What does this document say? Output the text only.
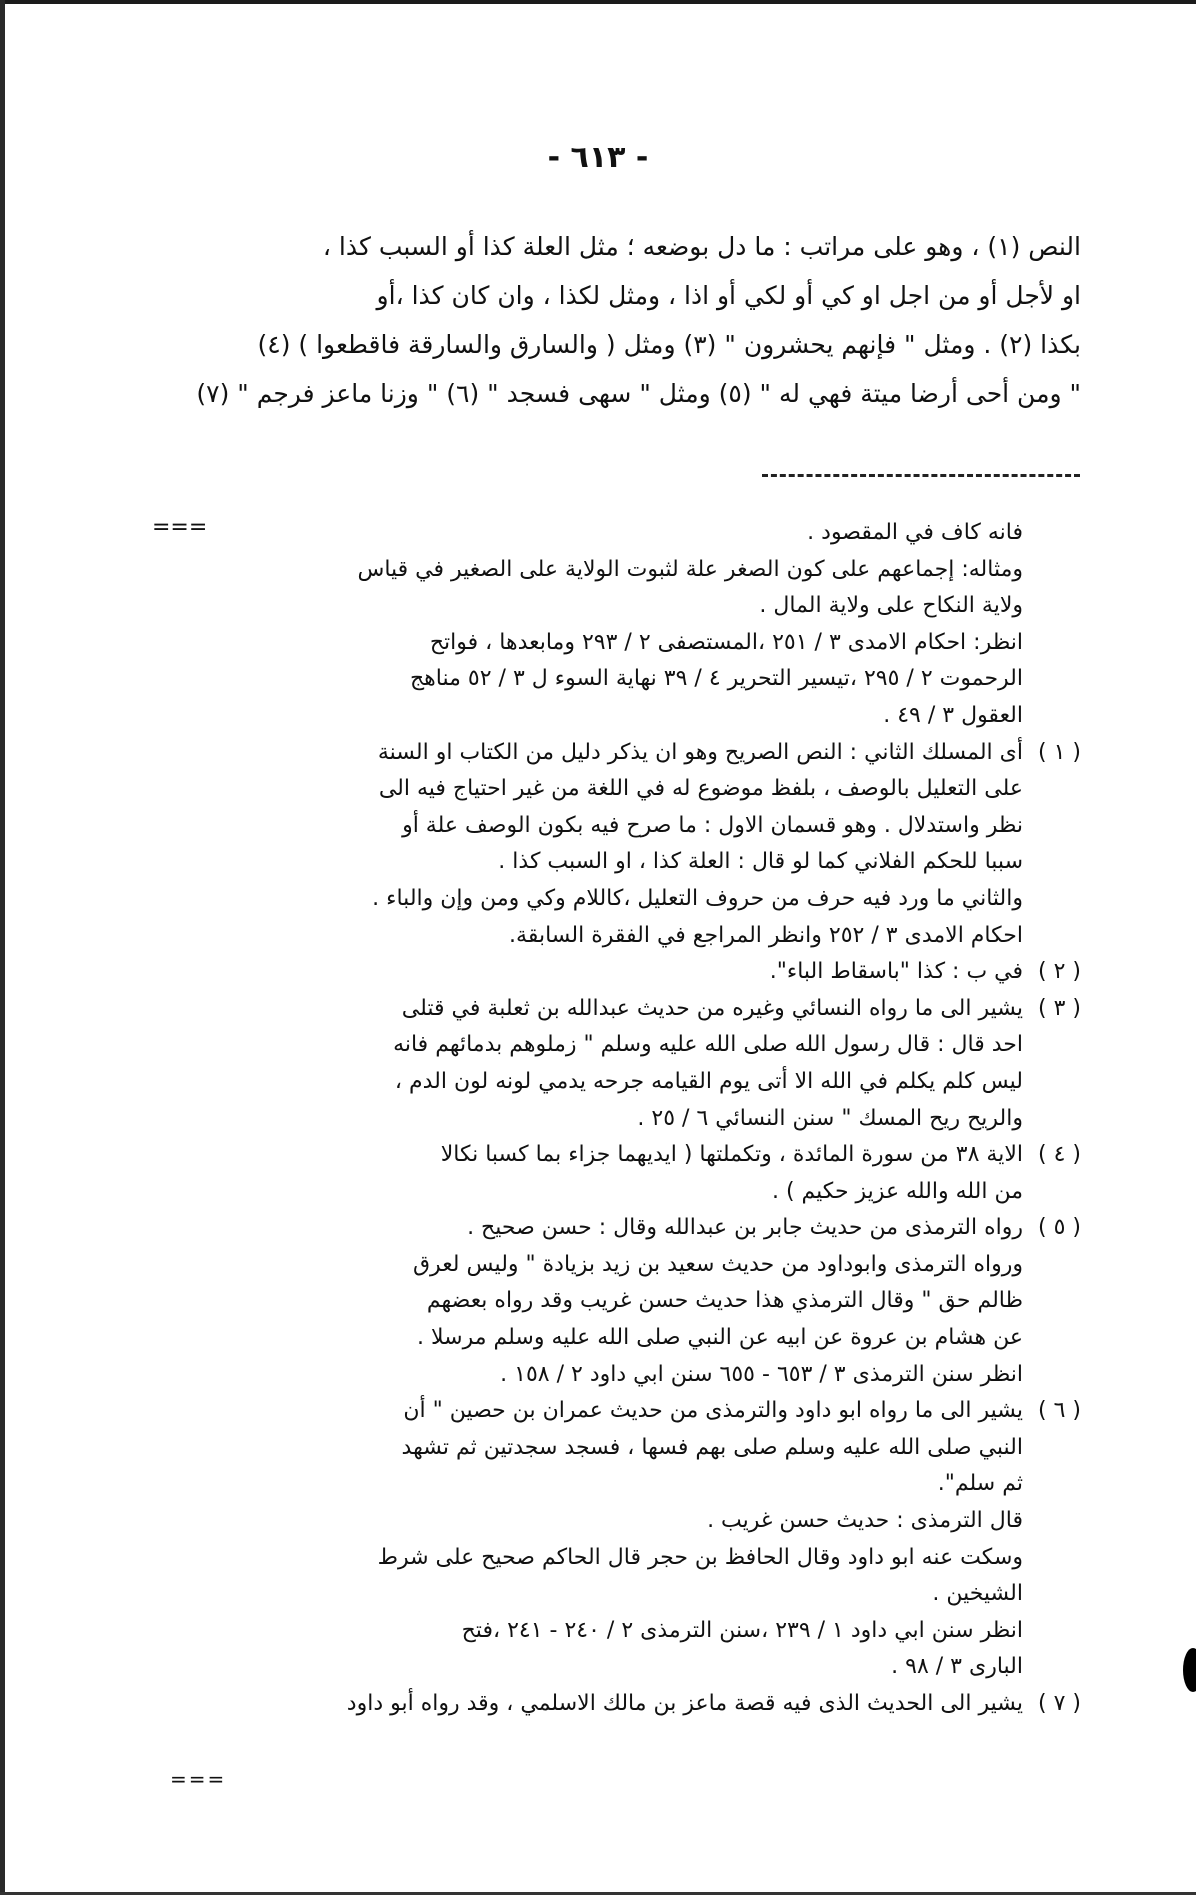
- ٦١٣ -

النص (١) ، وهو على مراتب : ما دل بوضعه ؛ مثل العلة كذا أو السبب كذا ،

او لأجل أو من اجل او كي أو لكي أو اذا ، ومثل لكذا ، وان كان كذا ،أو

بكذا (٢) . ومثل " فإنهم يحشرون " (٣) ومثل ( والسارق والسارقة فاقطعوا ) (٤)

" ومن أحى أرضا ميتة فهي له " (٥) ومثل " سهى فسجد " (٦) " وزنا ماعز فرجم " (٧)

فانه كاف في المقصود .

ومثاله: إجماعهم على كون الصغر علة لثبوت الولاية على الصغير في قياس

ولاية النكاح على ولاية المال .

انظر: احكام الامدى ٣ / ٢٥١ ،المستصفى ٢ / ٢٩٣ ومابعدها ، فواتح

الرحموت ٢ / ٢٩٥ ،تيسير التحرير ٤ / ٣٩ نهاية السوء ل ٣ / ٥٢ مناهج

العقول ٣ / ٤٩ .

( ١ )

أى المسلك الثاني : النص الصريح وهو ان يذكر دليل من الكتاب او السنة

على التعليل بالوصف ، بلفظ موضوع له في اللغة من غير احتياج فيه الى

نظر واستدلال . وهو قسمان الاول : ما صرح فيه بكون الوصف علة أو

سببا للحكم الفلاني كما لو قال : العلة كذا ، او السبب كذا .

والثاني ما ورد فيه حرف من حروف التعليل ،كاللام وكي ومن وإن والباء .

احكام الامدى ٣ / ٢٥٢ وانظر المراجع في الفقرة السابقة.

( ٢ )

في ب : كذا "باسقاط الباء".

( ٣ )

يشير الى ما رواه النسائي وغيره من حديث عبدالله بن ثعلبة في قتلى

احد قال : قال رسول الله صلى الله عليه وسلم " زملوهم بدمائهم فانه

ليس كلم يكلم في الله الا أتى يوم القيامه جرحه يدمي لونه لون الدم ،

والريح ريح المسك " سنن النسائي ٦ / ٢٥ .

( ٤ )

الاية ٣٨ من سورة المائدة ، وتكملتها ( ايديهما جزاء بما كسبا نكالا

من الله والله عزيز حكيم ) .

( ٥ )

رواه الترمذى من حديث جابر بن عبدالله وقال : حسن صحيح .

ورواه الترمذى وابوداود من حديث سعيد بن زيد بزيادة " وليس لعرق

ظالم حق " وقال الترمذي هذا حديث حسن غريب وقد رواه بعضهم

عن هشام بن عروة عن ابيه عن النبي صلى الله عليه وسلم مرسلا .

انظر سنن الترمذى ٣ / ٦٥٣ - ٦٥٥ سنن ابي داود ٢ / ١٥٨ .

( ٦ )

يشير الى ما رواه ابو داود والترمذى من حديث عمران بن حصين " أن

النبي صلى الله عليه وسلم صلى بهم فسها ، فسجد سجدتين ثم تشهد

ثم سلم".

قال الترمذى : حديث حسن غريب .

وسكت عنه ابو داود وقال الحافظ بن حجر قال الحاكم صحيح على شرط

الشيخين .

انظر سنن ابي داود ١ / ٢٣٩ ،سنن الترمذى ٢ / ٢٤٠ - ٢٤١ ،فتح

البارى ٣ / ٩٨ .

( ٧ )

يشير الى الحديث الذى فيه قصة ماعز بن مالك الاسلمي ، وقد رواه أبو داود

===
===
